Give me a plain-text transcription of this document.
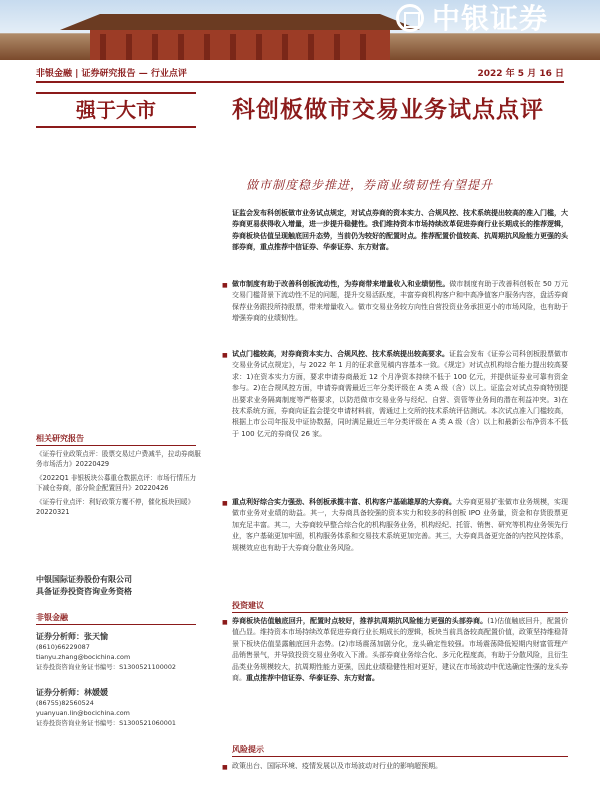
中银证券
非银金融 | 证券研究报告 — 行业点评	2022 年 5 月 16 日
强于大市
相关研究报告
《证券行业政策点评：股票交易过户费减半，拉动券商服务市场活力》20220429
《2022Q1 非银板块公募重仓数据点评：市场行情压力下减仓券商，部分险企配置回升》20220426
《证券行业点评：利好政策方覆不停，催化板块回暖》20220321
中银国际证券股份有限公司
具备证券投资咨询业务资格
非银金融
证券分析师：张天愉
(8610)66229087
tianyu.zhang@bocichina.com
证券投资咨询业务证书编号：S1300521100002
证券分析师：林媛媛
(86755)82560524
yuanyuan.lin@bocichina.com
证券投资咨询业务证书编号：S1300521060001
科创板做市交易业务试点点评
做市制度稳步推进，券商业绩韧性有望提升
证监会发布科创板做市业务试点规定，对试点券商的资本实力、合规风控、技术系统提出较高的准入门槛，大券商更易获得收入增量，进一步提升稳健性。我们维持资本市场持续改革促进券商行业长期成长的推荐逻辑，券商板块估值呈现触底回升态势，当前仍为较好的配置时点。推荐配置价值较高、抗周期抗风险能力更强的头部券商，重点推荐中信证券、华泰证券、东方财富。
■ 做市制度有助于改善科创板流动性，为券商带来增量收入和业绩韧性。做市制度有助于改善科创板在 50 万元交易门槛背景下流动性不足的问题，提升交易活跃度，丰富券商机构客户和中高净值客户服务内容，盘活券商保荐业务跟投所持股票，带来增量收入。做市交易业务较方向性自营投资业务承担更小的市场风险，也有助于增强券商的业绩韧性。
■ 试点门槛较高，对券商资本实力、合规风控、技术系统提出较高要求。证监会发布《证券公司科创板股票做市交易业务试点规定》，与 2022 年 1 月的征求意见稿内容基本一致。《规定》对试点机构综合能力提出较高要求：1)在资本实力方面，要求申请券商最近 12 个月净资本持续不低于 100 亿元，并提供证券业可靠有资金参与。2)在合规风控方面，申请券商需最近三年分类评级在 A 类 A 级（含）以上。证监会对试点券商特别提出要求业务隔离制度等严格要求，以防范做市交易业务与经纪、自营、资管等业务间的潜在利益冲突。3)在技术系统方面，券商向证监会提交申请材料前，需通过上交所的技术系统评估测试。本次试点准入门槛较高，根据上市公司年报及中证协数据，同时满足最近三年分类评级在 A 类 A 级（含）以上和最新公布净资本不低于 100 亿元的券商仅 26 家。
■ 重点利好综合实力强劲、科创板承揽丰富、机构客户基础雄厚的大券商。大券商更易扩张做市业务规模，实现做市业务对业绩的助益。其一，大券商具备较强的资本实力和较多的科创板 IPO 业务量，资金和存货股票更加充足丰富。其二，大券商较早整合综合化的机构服务业务，机构经纪、托管、销售、研究等机构业务领先行业，客户基础更加牢固，机构服务体系和交易技术系统更加完善。其三，大券商具备更完备的内控风控体系，规模效应也有助于大券商分散业务风险。
投资建议
■ 券商板块估值触底回升，配置时点较好，推荐抗周期抗风险能力更强的头部券商。(1)估值触底回升，配置价值凸显。维持资本市场持续改革促进券商行业长期成长的逻辑，板块当前具备较高配置价值，政策坚持维稳背景下板块估值显露触底回升态势。(2)市场震荡加剧分化，龙头确定性较强。市场震荡降低短期内财富管理产品销售景气，并导致投资交易业务收入下滑。头部券商业务综合化、多元化程度高，有助于分散风险，且衍生品类业务规模较大，抗周期性能力更强，因此业绩稳健性相对更好，建议在市场波动中优选确定性强的龙头券商。重点推荐中信证券、华泰证券、东方财富。
风险提示
■ 政策出台、国际环境、疫情发展以及市场波动对行业的影响超预期。
